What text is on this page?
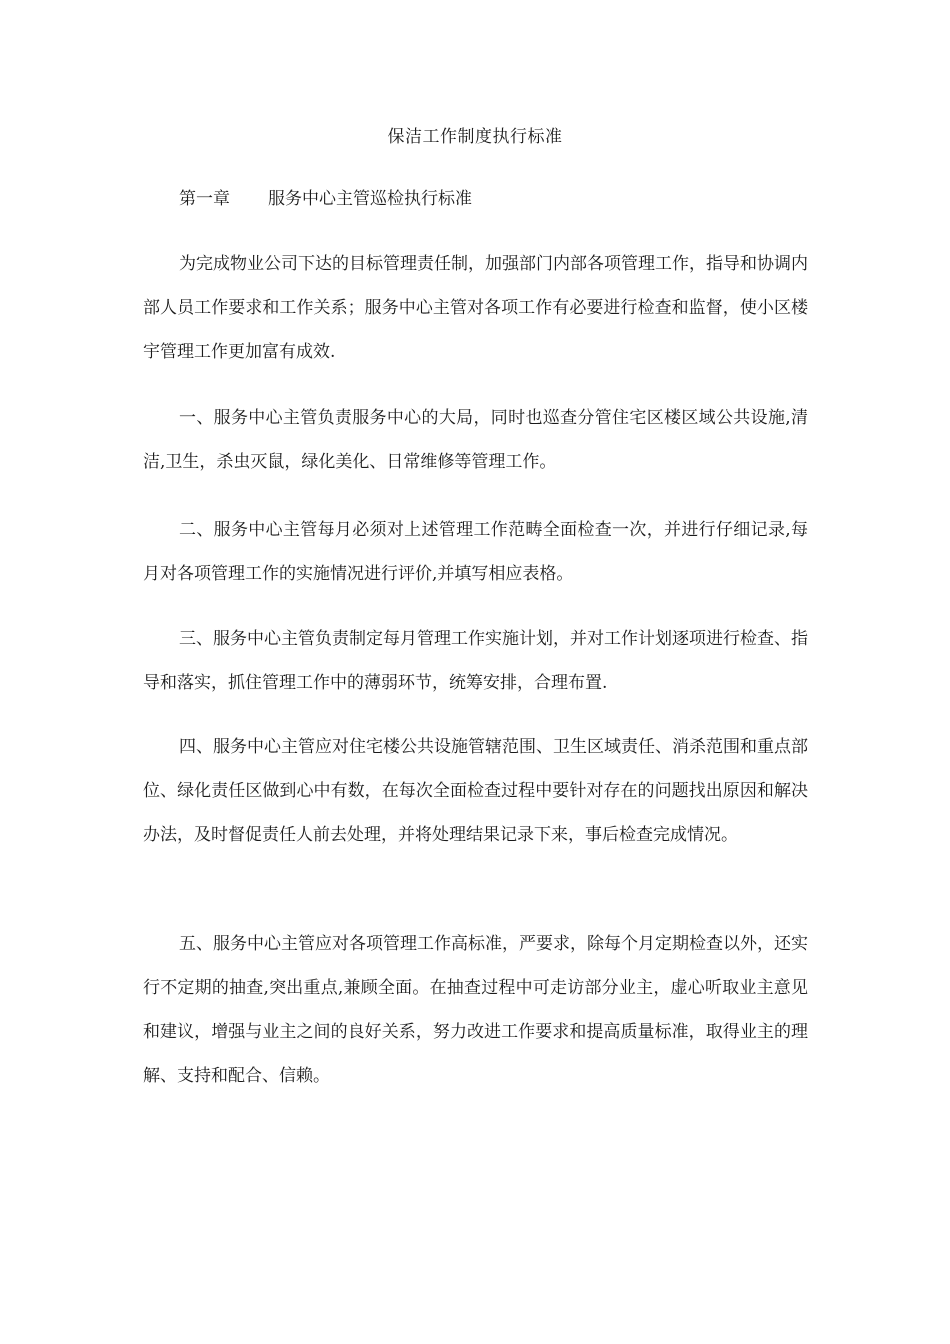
保洁工作制度执行标准
第一章 服务中心主管巡检执行标准

为完成物业公司下达的目标管理责任制，加强部门内部各项管理工作，指导和协调内部人员工作要求和工作关系；服务中心主管对各项工作有必要进行检查和监督，使小区楼宇管理工作更加富有成效.

一、服务中心主管负责服务中心的大局，同时也巡查分管住宅区楼区域公共设施,清洁,卫生，杀虫灭鼠，绿化美化、日常维修等管理工作。

二、服务中心主管每月必须对上述管理工作范畴全面检查一次，并进行仔细记录,每月对各项管理工作的实施情况进行评价,并填写相应表格。

三、服务中心主管负责制定每月管理工作实施计划，并对工作计划逐项进行检查、指导和落实，抓住管理工作中的薄弱环节，统筹安排，合理布置.

四、服务中心主管应对住宅楼公共设施管辖范围、卫生区域责任、消杀范围和重点部位、绿化责任区做到心中有数，在每次全面检查过程中要针对存在的问题找出原因和解决办法，及时督促责任人前去处理，并将处理结果记录下来，事后检查完成情况。

五、服务中心主管应对各项管理工作高标准，严要求，除每个月定期检查以外，还实行不定期的抽查,突出重点,兼顾全面。在抽查过程中可走访部分业主，虚心听取业主意见和建议，增强与业主之间的良好关系，努力改进工作要求和提高质量标准，取得业主的理解、支持和配合、信赖。
